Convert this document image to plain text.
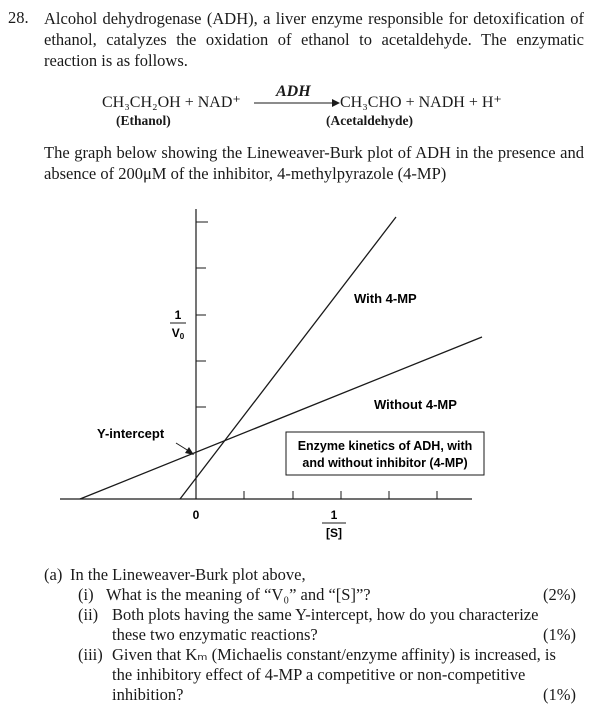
28. Alcohol dehydrogenase (ADH), a liver enzyme responsible for detoxification of ethanol, catalyzes the oxidation of ethanol to acetaldehyde. The enzymatic reaction is as follows.
CH₃CH₂OH + NAD⁺
ADH
CH₃CHO + NADH + H⁺
(Ethanol)	(Acetaldehyde)
The graph below showing the Lineweaver-Burk plot of ADH in the presence and absence of 200μM of the inhibitor, 4-methylpyrazole (4-MP)
1
V0
1
[S]
0
With 4-MP
Without 4-MP
Y-intercept
Enzyme kinetics of ADH, with
and without inhibitor (4-MP)
(a) In the Lineweaver-Burk plot above,
(i) What is the meaning of “V₀” and “[S]”?	(2%)
(ii) Both plots having the same Y-intercept, how do you characterize
these two enzymatic reactions?	(1%)
(iii) Given that Kₘ (Michaelis constant/enzyme affinity) is increased, is
the inhibitory effect of 4-MP a competitive or non-competitive
inhibition?	(1%)
